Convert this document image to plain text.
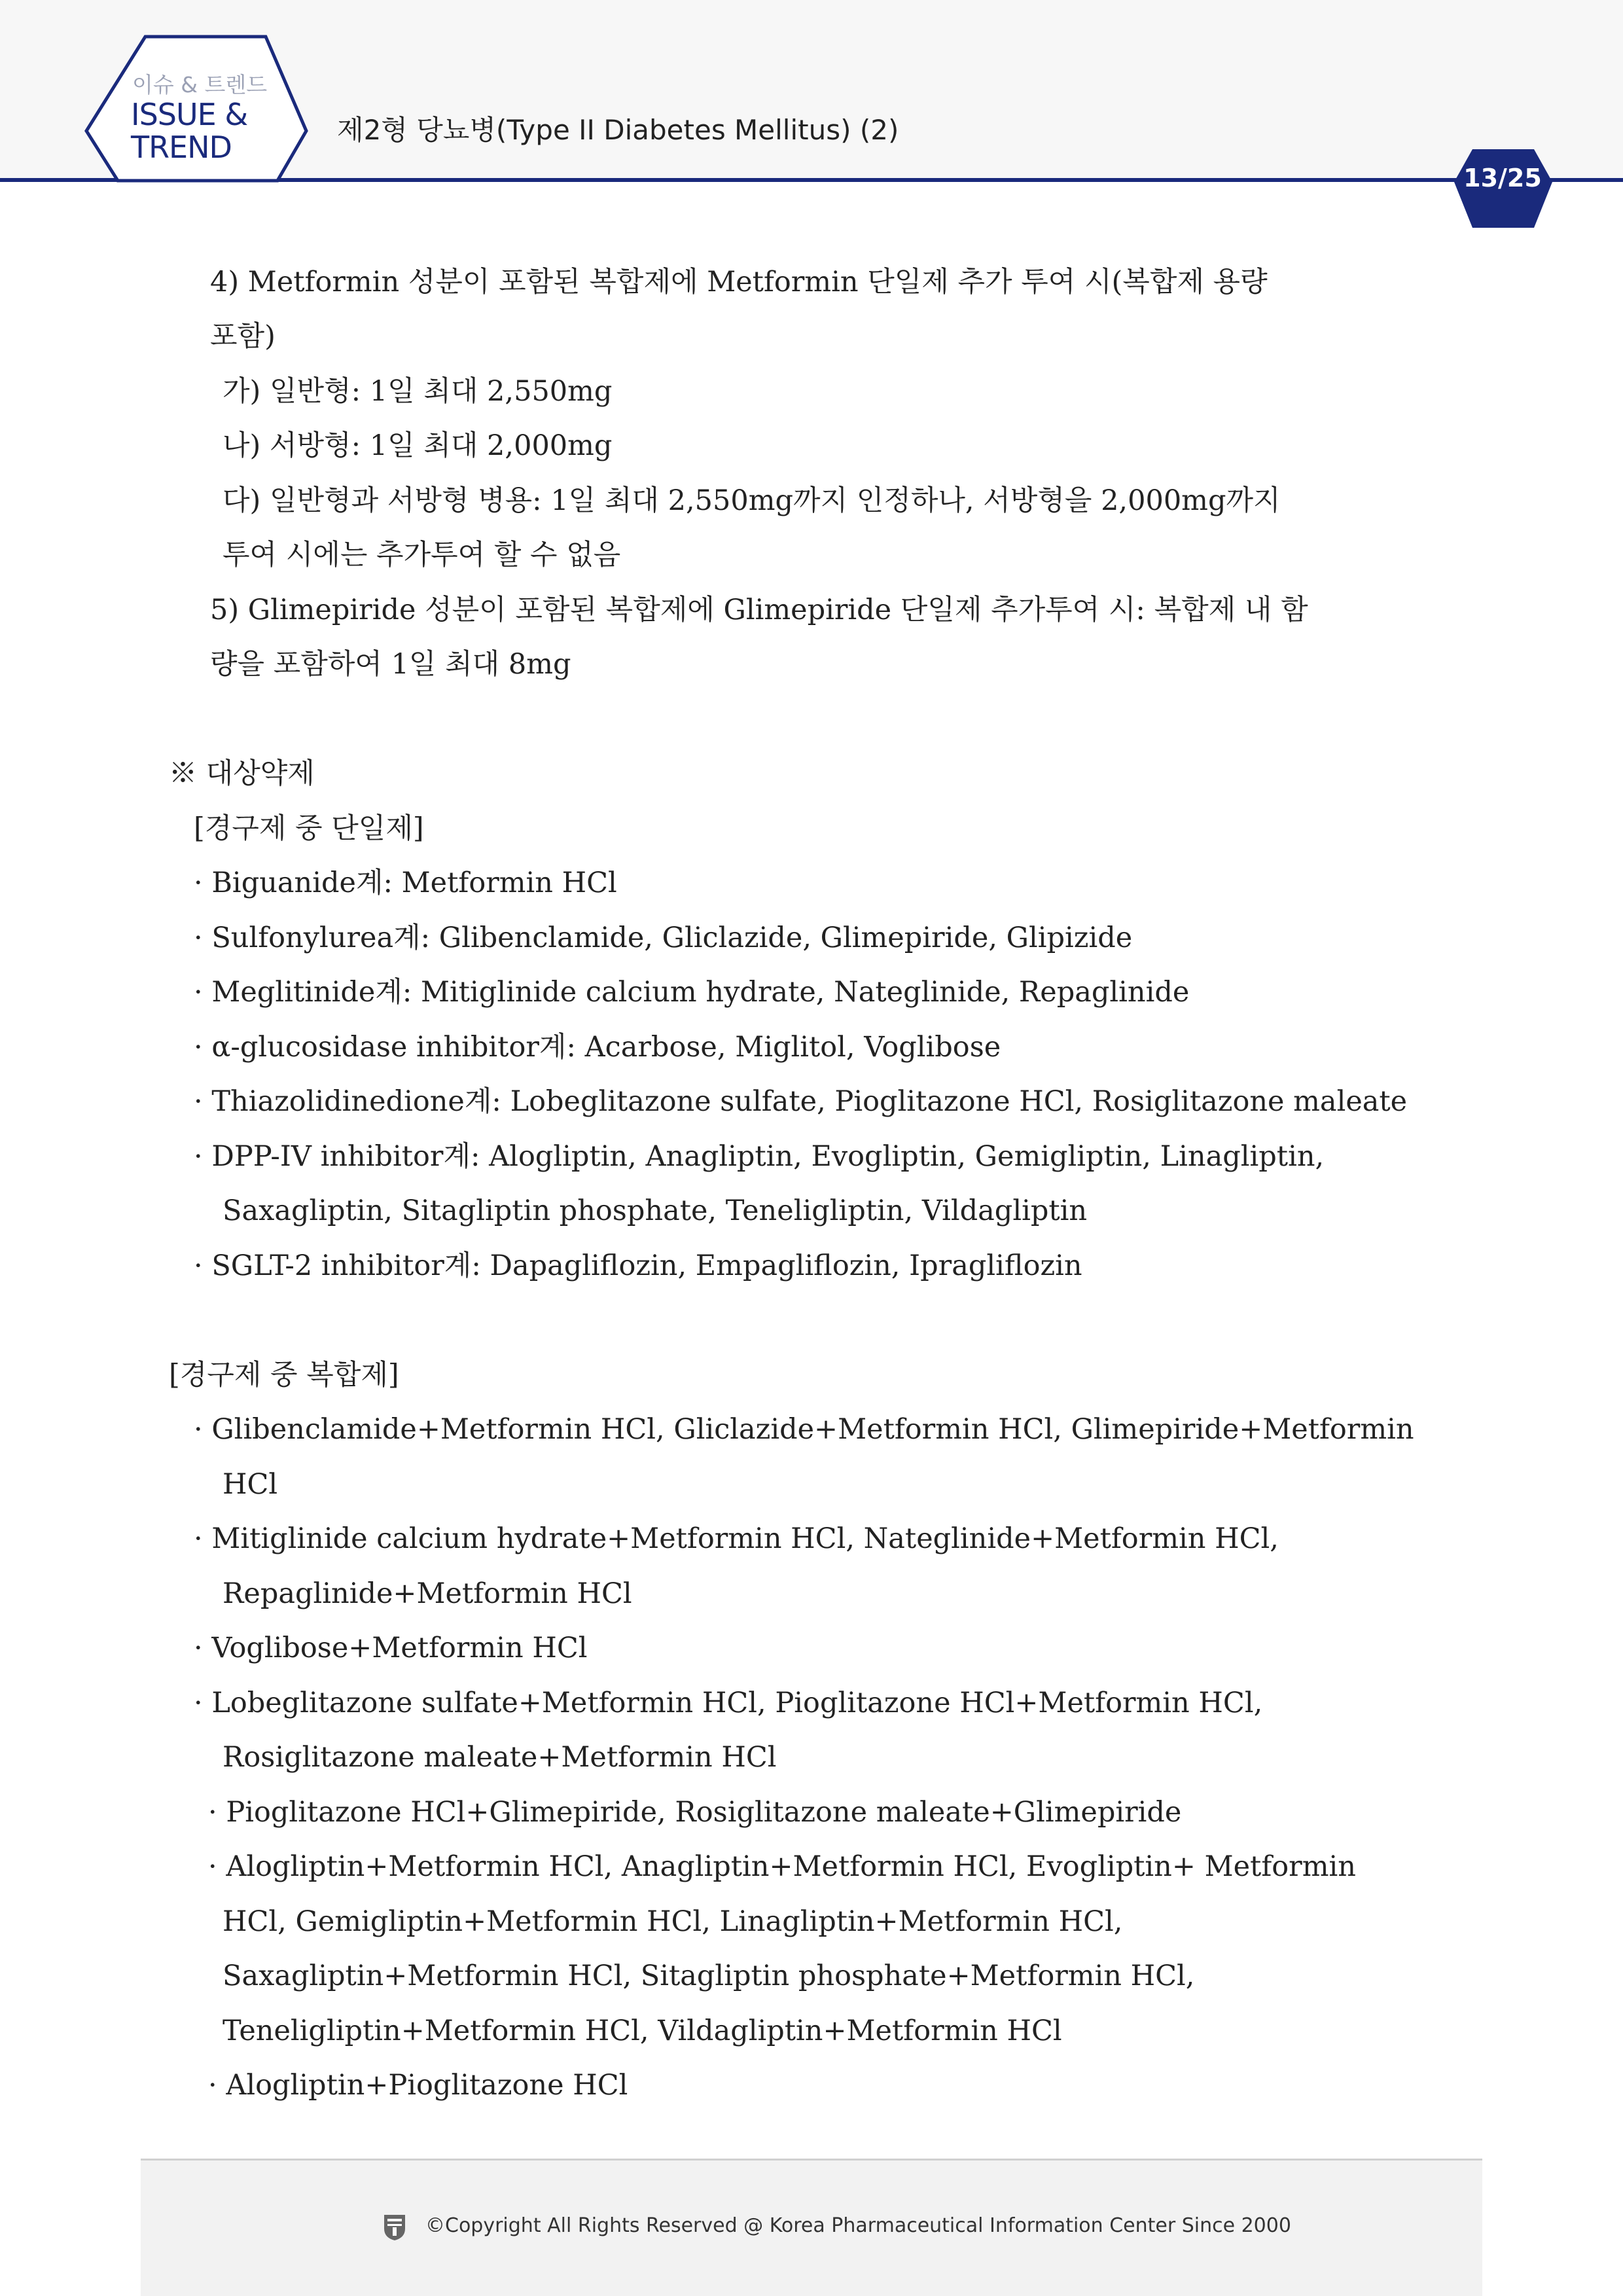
이슈 & 트렌드
ISSUE &
TREND	제2형 당뇨병(Type II Diabetes Mellitus) (2)
13/25
4) Metformin 성분이 포함된 복합제에 Metformin 단일제 추가 투여 시(복합제 용량
포함)
가) 일반형: 1일 최대 2,550mg
나) 서방형: 1일 최대 2,000mg
다) 일반형과 서방형 병용: 1일 최대 2,550mg까지 인정하나, 서방형을 2,000mg까지
투여 시에는 추가투여 할 수 없음
5) Glimepiride 성분이 포함된 복합제에 Glimepiride 단일제 추가투여 시: 복합제 내 함
량을 포함하여 1일 최대 8mg
※ 대상약제
[경구제 중 단일제]
· Biguanide계: Metformin HCl
· Sulfonylurea계: Glibenclamide, Gliclazide, Glimepiride, Glipizide
· Meglitinide계: Mitiglinide calcium hydrate, Nateglinide, Repaglinide
· α-glucosidase inhibitor계: Acarbose, Miglitol, Voglibose
· Thiazolidinedione계: Lobeglitazone sulfate, Pioglitazone HCl, Rosiglitazone maleate
· DPP-IV inhibitor계: Alogliptin, Anagliptin, Evogliptin, Gemigliptin, Linagliptin,
Saxagliptin, Sitagliptin phosphate, Teneligliptin, Vildagliptin
· SGLT-2 inhibitor계: Dapagliflozin, Empagliflozin, Ipragliflozin
[경구제 중 복합제]
· Glibenclamide+Metformin HCl, Gliclazide+Metformin HCl, Glimepiride+Metformin
HCl
· Mitiglinide calcium hydrate+Metformin HCl, Nateglinide+Metformin HCl,
Repaglinide+Metformin HCl
· Voglibose+Metformin HCl
· Lobeglitazone sulfate+Metformin HCl, Pioglitazone HCl+Metformin HCl,
Rosiglitazone maleate+Metformin HCl
· Pioglitazone HCl+Glimepiride, Rosiglitazone maleate+Glimepiride
· Alogliptin+Metformin HCl, Anagliptin+Metformin HCl, Evogliptin+ Metformin
HCl, Gemigliptin+Metformin HCl, Linagliptin+Metformin HCl,
Saxagliptin+Metformin HCl, Sitagliptin phosphate+Metformin HCl,
Teneligliptin+Metformin HCl, Vildagliptin+Metformin HCl
· Alogliptin+Pioglitazone HCl
©Copyright All Rights Reserved @ Korea Pharmaceutical Information Center Since 2000
